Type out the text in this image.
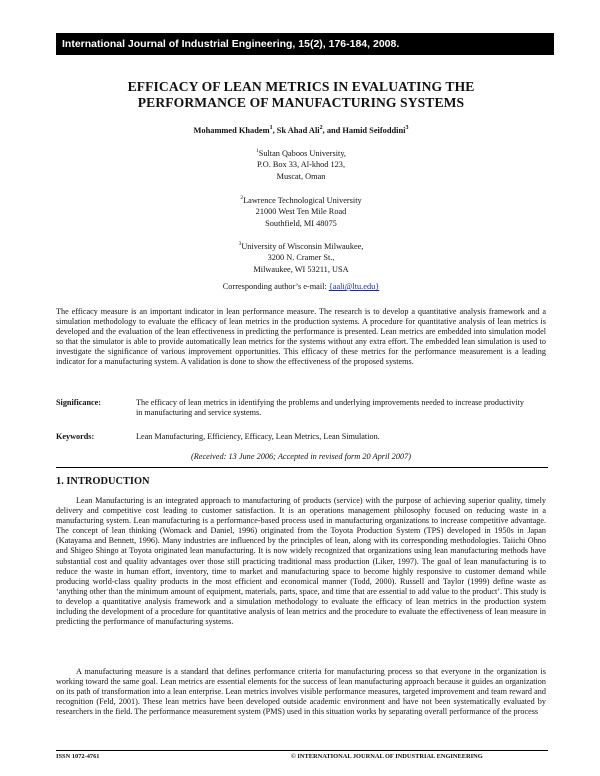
International Journal of Industrial Engineering, 15(2), 176-184, 2008.
EFFICACY OF LEAN METRICS IN EVALUATING THE
PERFORMANCE OF MANUFACTURING SYSTEMS
Mohammed Khadem$^1$, Sk Ahad Ali$^2$, and Hamid Seifoddini$^3$
$^1$Sultan Qaboos University,
P.O. Box 33, Al-khod 123,
Muscat, Oman
$^2$Lawrence Technological University
21000 West Ten Mile Road
Southfield, MI 48075
$^3$University of Wisconsin Milwaukee,
3200 N. Cramer St.,
Milwaukee, WI 53211, USA
Corresponding author’s e-mail: {aali@ltu.edu}

The efficacy measure is an important indicator in lean performance measure. The research is to develop a quantitative analysis framework and a simulation methodology to evaluate the efficacy of lean metrics in the production systems. A procedure for quantitative analysis of lean metrics is developed and the evaluation of the lean effectiveness in predicting the performance is presented. Lean metrics are embedded into simulation model so that the simulator is able to provide automatically lean metrics for the systems without any extra effort. The embedded lean simulation is used to investigate the significance of various improvement opportunities. This efficacy of these metrics for the performance measurement is a leading indicator for a manufacturing system. A validation is done to show the effectiveness of the proposed systems.

Significance:	The efficacy of lean metrics in identifying the problems and underlying improvements needed to increase productivity in manufacturing and service systems.
Keywords:	Lean Manufacturing, Efficiency, Efficacy, Lean Metrics, Lean Simulation.
(Received: 13 June 2006; Accepted in revised form 20 April 2007)
1. INTRODUCTION

Lean Manufacturing is an integrated approach to manufacturing of products (service) with the purpose of achieving superior quality, timely delivery and competitive cost leading to customer satisfaction. It is an operations management philosophy focused on reducing waste in a manufacturing system. Lean manufacturing is a performance-based process used in manufacturing organizations to increase competitive advantage. The concept of lean thinking (Womack and Daniel, 1996) originated from the Toyota Production System (TPS) developed in 1950s in Japan (Katayama and Bennett, 1996). Many industries are influenced by the principles of lean, along with its corresponding methodologies. Taiichi Ohno and Shigeo Shingo at Toyota originated lean manufacturing. It is now widely recognized that organizations using lean manufacturing methods have substantial cost and quality advantages over those still practicing traditional mass production (Liker, 1997). The goal of lean manufacturing is to reduce the waste in human effort, inventory, time to market and manufacturing space to become highly responsive to customer demand while producing world-class quality products in the most efficient and economical manner (Todd, 2000). Russell and Taylor (1999) define waste as ‘anything other than the minimum amount of equipment, materials, parts, space, and time that are essential to add value to the product’. This study is to develop a quantitative analysis framework and a simulation methodology to evaluate the efficacy of lean metrics in the production system including the development of a procedure for quantitative analysis of lean metrics and the procedure to evaluate the effectiveness of lean measure in predicting the performance of manufacturing systems.

A manufacturing measure is a standard that defines performance criteria for manufacturing process so that everyone in the organization is working toward the same goal. Lean metrics are essential elements for the success of lean manufacturing approach because it guides an organization on its path of transformation into a lean enterprise. Lean metrics involves visible performance measures, targeted improvement and team reward and recognition (Feld, 2001). These lean metrics have been developed outside academic environment and have not been systematically evaluated by researchers in the field. The performance measurement system (PMS) used in this situation works by separating overall performance of the process

ISSN 1072-4761	© INTERNATIONAL JOURNAL OF INDUSTRIAL ENGINEERING
